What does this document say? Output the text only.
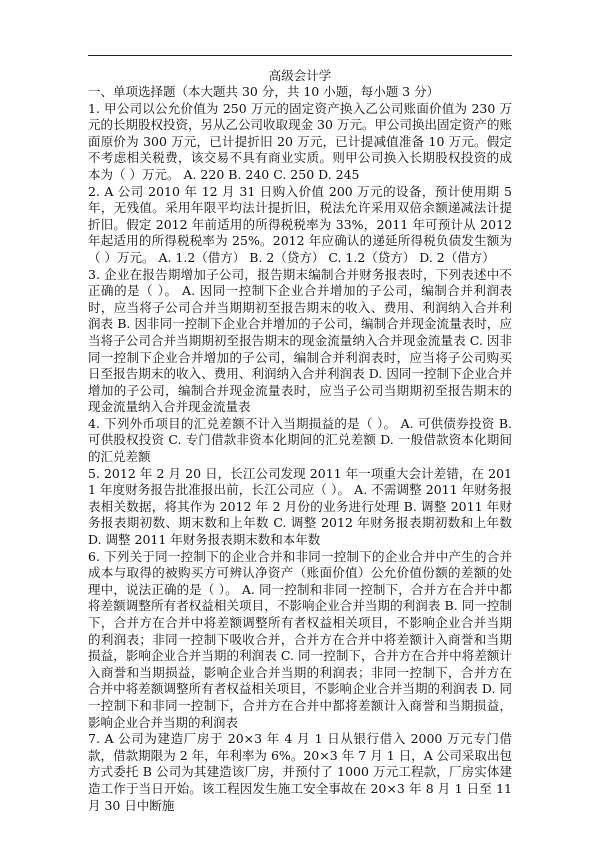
高级会计学

一、单项选择题（本大题共 30 分，共 10 小题，每小题 3 分）

1. 甲公司以公允价值为 250 万元的固定资产换入乙公司账面价值为 230 万元的长期股权投资，另从乙公司收取现金 30 万元。甲公司换出固定资产的账面原价为 300 万元，已计提折旧 20 万元，已计提减值准备 10 万元。假定不考虑相关税费，该交易不具有商业实质。则甲公司换入长期股权投资的成本为（ ）万元。 A. 220 B. 240 C. 250 D. 245

2. A 公司 2010 年 12 月 31 日购入价值 200 万元的设备，预计使用期 5 年，无残值。采用年限平均法计提折旧，税法允许采用双倍余额递减法计提折旧。假定 2012 年前适用的所得税税率为 33%，2011 年可预计从 2012 年起适用的所得税税率为 25%。2012 年应确认的递延所得税负债发生额为（ ）万元。 A. 1.2（借方） B. 2（贷方） C. 1.2（贷方） D. 2（借方）

3. 企业在报告期增加子公司，报告期末编制合并财务报表时，下列表述中不正确的是（ ）。 A. 因同一控制下企业合并增加的子公司，编制合并利润表时，应当将子公司合并当期期初至报告期末的收入、费用、利润纳入合并利润表 B. 因非同一控制下企业合并增加的子公司，编制合并现金流量表时，应当将子公司合并当期期初至报告期末的现金流量纳入合并现金流量表 C. 因非同一控制下企业合并增加的子公司，编制合并利润表时，应当将子公司购买日至报告期末的收入、费用、利润纳入合并利润表 D. 因同一控制下企业合并增加的子公司，编制合并现金流量表时，应当子公司当期期初至报告期末的现金流量纳入合并现金流量表

4. 下列外币项目的汇兑差额不计入当期损益的是（ ）。 A. 可供债券投资 B. 可供股权投资 C. 专门借款非资本化期间的汇兑差额 D. 一般借款资本化期间的汇兑差额

5. 2012 年 2 月 20 日，长江公司发现 2011 年一项重大会计差错，在 2011 年度财务报告批准报出前，长江公司应（ ）。 A. 不需调整 2011 年财务报表相关数据，将其作为 2012 年 2 月份的业务进行处理 B. 调整 2011 年财务报表期初数、期末数和上年数 C. 调整 2012 年财务报表期初数和上年数 D. 调整 2011 年财务报表期末数和本年数

6. 下列关于同一控制下的企业合并和非同一控制下的企业合并中产生的合并成本与取得的被购买方可辨认净资产（账面价值）公允价值份额的差额的处理中，说法正确的是（ ）。 A. 同一控制和非同一控制下，合并方在合并中都将差额调整所有者权益相关项目，不影响企业合并当期的利润表 B. 同一控制下，合并方在合并中将差额调整所有者权益相关项目，不影响企业合并当期的利润表；非同一控制下吸收合并，合并方在合并中将差额计入商誉和当期损益，影响企业合并当期的利润表 C. 同一控制下，合并方在合并中将差额计入商誉和当期损益，影响企业合并当期的利润表；非同一控制下，合并方在合并中将差额调整所有者权益相关项目，不影响企业合并当期的利润表 D. 同一控制下和非同一控制下，合并方在合并中都将差额计入商誉和当期损益，影响企业合并当期的利润表

7. A 公司为建造厂房于 20×3 年 4 月 1 日从银行借入 2000 万元专门借款，借款期限为 2 年，年利率为 6%。20×3 年 7 月 1 日，A 公司采取出包方式委托 B 公司为其建造该厂房，并预付了 1000 万元工程款，厂房实体建造工作于当日开始。该工程因发生施工安全事故在 20×3 年 8 月 1 日至 11 月 30 日中断施
